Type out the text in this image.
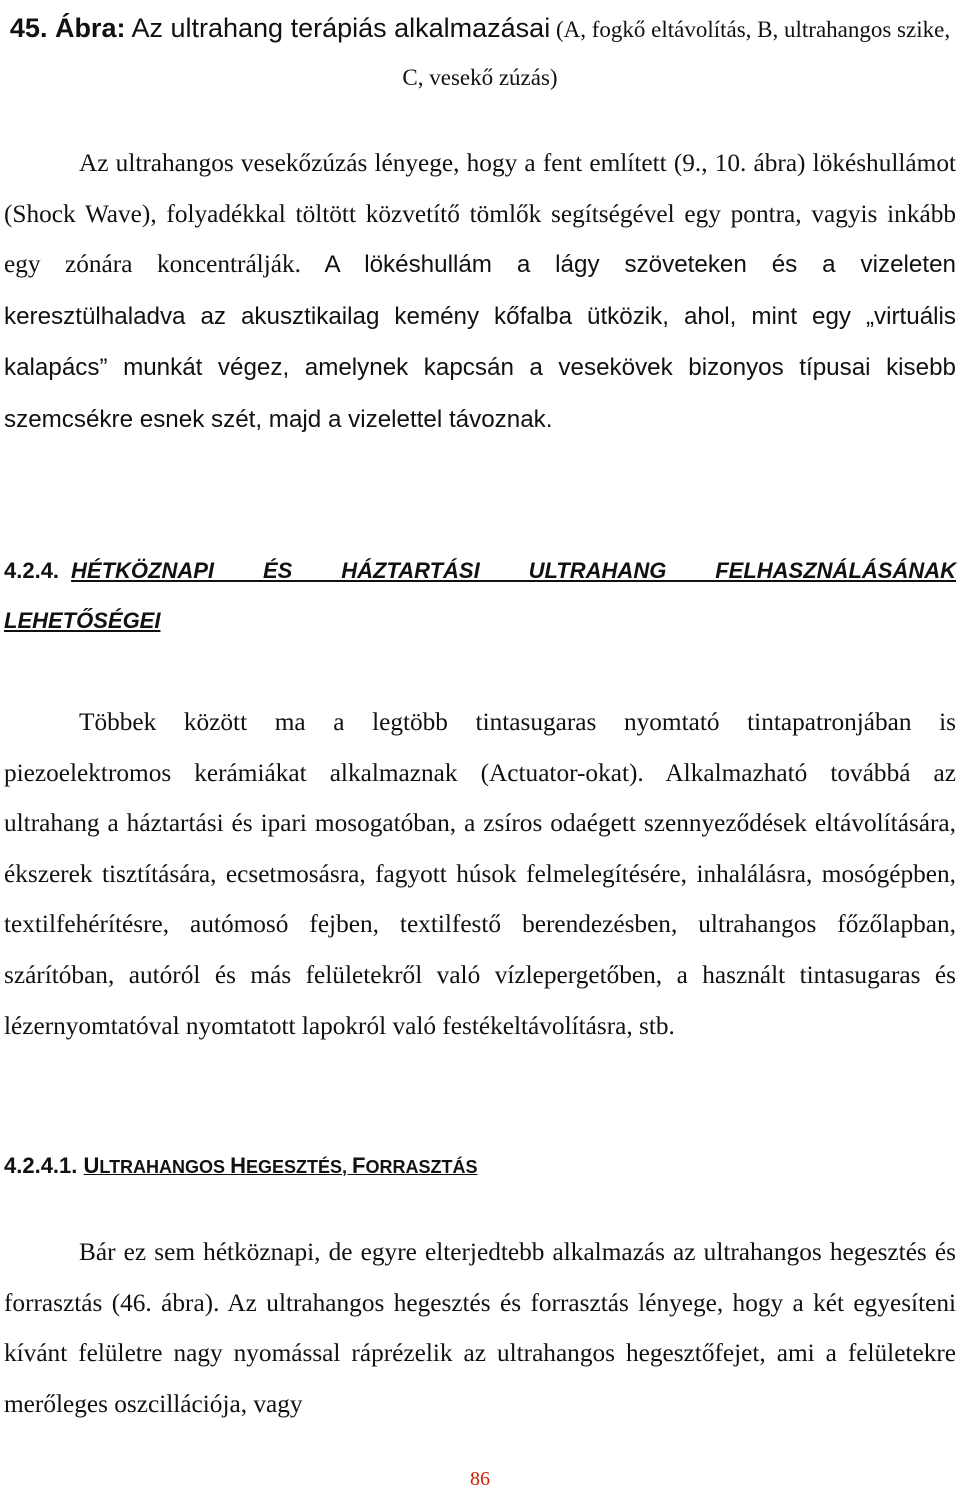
45. Ábra: Az ultrahang terápiás alkalmazásai (A, fogkő eltávolítás, B, ultrahangos szike, C, vesekő zúzás)

Az ultrahangos vesekőzúzás lényege, hogy a fent említett (9., 10. ábra) lökéshullámot (Shock Wave), folyadékkal töltött közvetítő tömlők segítségével egy pontra, vagyis inkább egy zónára koncentrálják. A lökéshullám a lágy szöveteken és a vizeleten keresztülhaladva az akusztikailag kemény kőfalba ütközik, ahol, mint egy „virtuális kalapács” munkát végez, amelynek kapcsán a vesekövek bizonyos típusai kisebb szemcsékre esnek szét, majd a vizelettel távoznak.

4.2.4. HÉTKÖZNAPI ÉS HÁZTARTÁSI ULTRAHANG FELHASZNÁLÁSÁNAK LEHETŐSÉGEI

Többek között ma a legtöbb tintasugaras nyomtató tintapatronjában is piezoelektromos kerámiákat alkalmaznak (Actuator-okat). Alkalmazható továbbá az ultrahang a háztartási és ipari mosogatóban, a zsíros odaégett szennyeződések eltávolítására, ékszerek tisztítására, ecsetmosásra, fagyott húsok felmelegítésére, inhalálásra, mosógépben, textilfehérítésre, autómosó fejben, textilfestő berendezésben, ultrahangos főzőlapban, szárítóban, autóról és más felületekről való vízlepergetőben, a használt tintasugaras és lézernyomtatóval nyomtatott lapokról való festékeltávolításra, stb.

4.2.4.1. ULTRAHANGOS HEGESZTÉS, FORRASZTÁS

Bár ez sem hétköznapi, de egyre elterjedtebb alkalmazás az ultrahangos hegesztés és forrasztás (46. ábra). Az ultrahangos hegesztés és forrasztás lényege, hogy a két egyesíteni kívánt felületre nagy nyomással ráprézelik az ultrahangos hegesztőfejet, ami a felületekre merőleges oszcillációja, vagy

86
